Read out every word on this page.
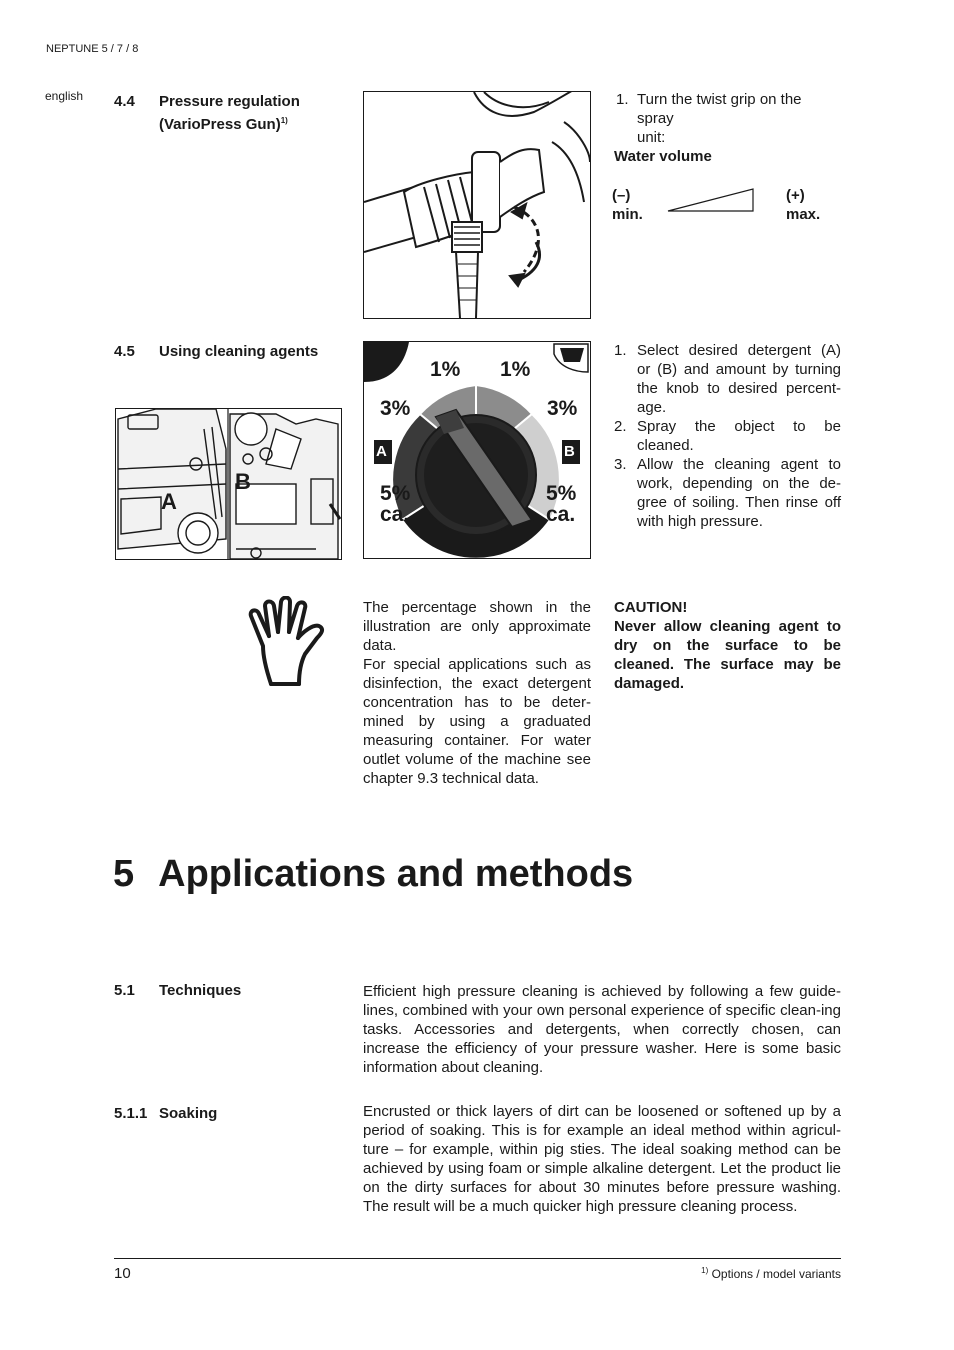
NEPTUNE 5 / 7 / 8
english 4.4 Pressure regulation
(VarioPress Gun)$^{1)}$
1. Turn the twist grip on the spray
unit:
Water volume
(–)
min.
(+)
max.
4.5 Using cleaning agents
A
B
1% 1%
3%	3%
A	B
5%
ca.
5%
ca.
1. Select desired detergent (A) or (B) and amount by turning the knob to desired percent-age.
2. Spray the object to be cleaned.
3. Allow the cleaning agent to work, depending on the de-gree of soiling. Then rinse off with high pressure.
The percentage shown in the illustration are only approximate data.
For special applications such as disinfection, the exact detergent concentration has to be deter-mined by using a graduated measuring container. For water outlet volume of the machine see chapter 9.3 technical data.
CAUTION!
Never allow cleaning agent to dry on the surface to be cleaned. The surface may be damaged.
5 Applications and methods
5.1 Techniques	Efficient high pressure cleaning is achieved by following a few guide-lines, combined with your own personal experience of specific clean-ing tasks. Accessories and detergents, when correctly chosen, can increase the efficiency of your pressure washer. Here is some basic information about cleaning.
5.1.1 Soaking	Encrusted or thick layers of dirt can be loosened or softened up by a period of soaking. This is for example an ideal method within agricul-ture – for example, within pig sties. The ideal soaking method can be achieved by using foam or simple alkaline detergent. Let the product lie on the dirty surfaces for about 30 minutes before pressure washing. The result will be a much quicker high pressure cleaning process.
10	$^{1)}$ Options / model variants
